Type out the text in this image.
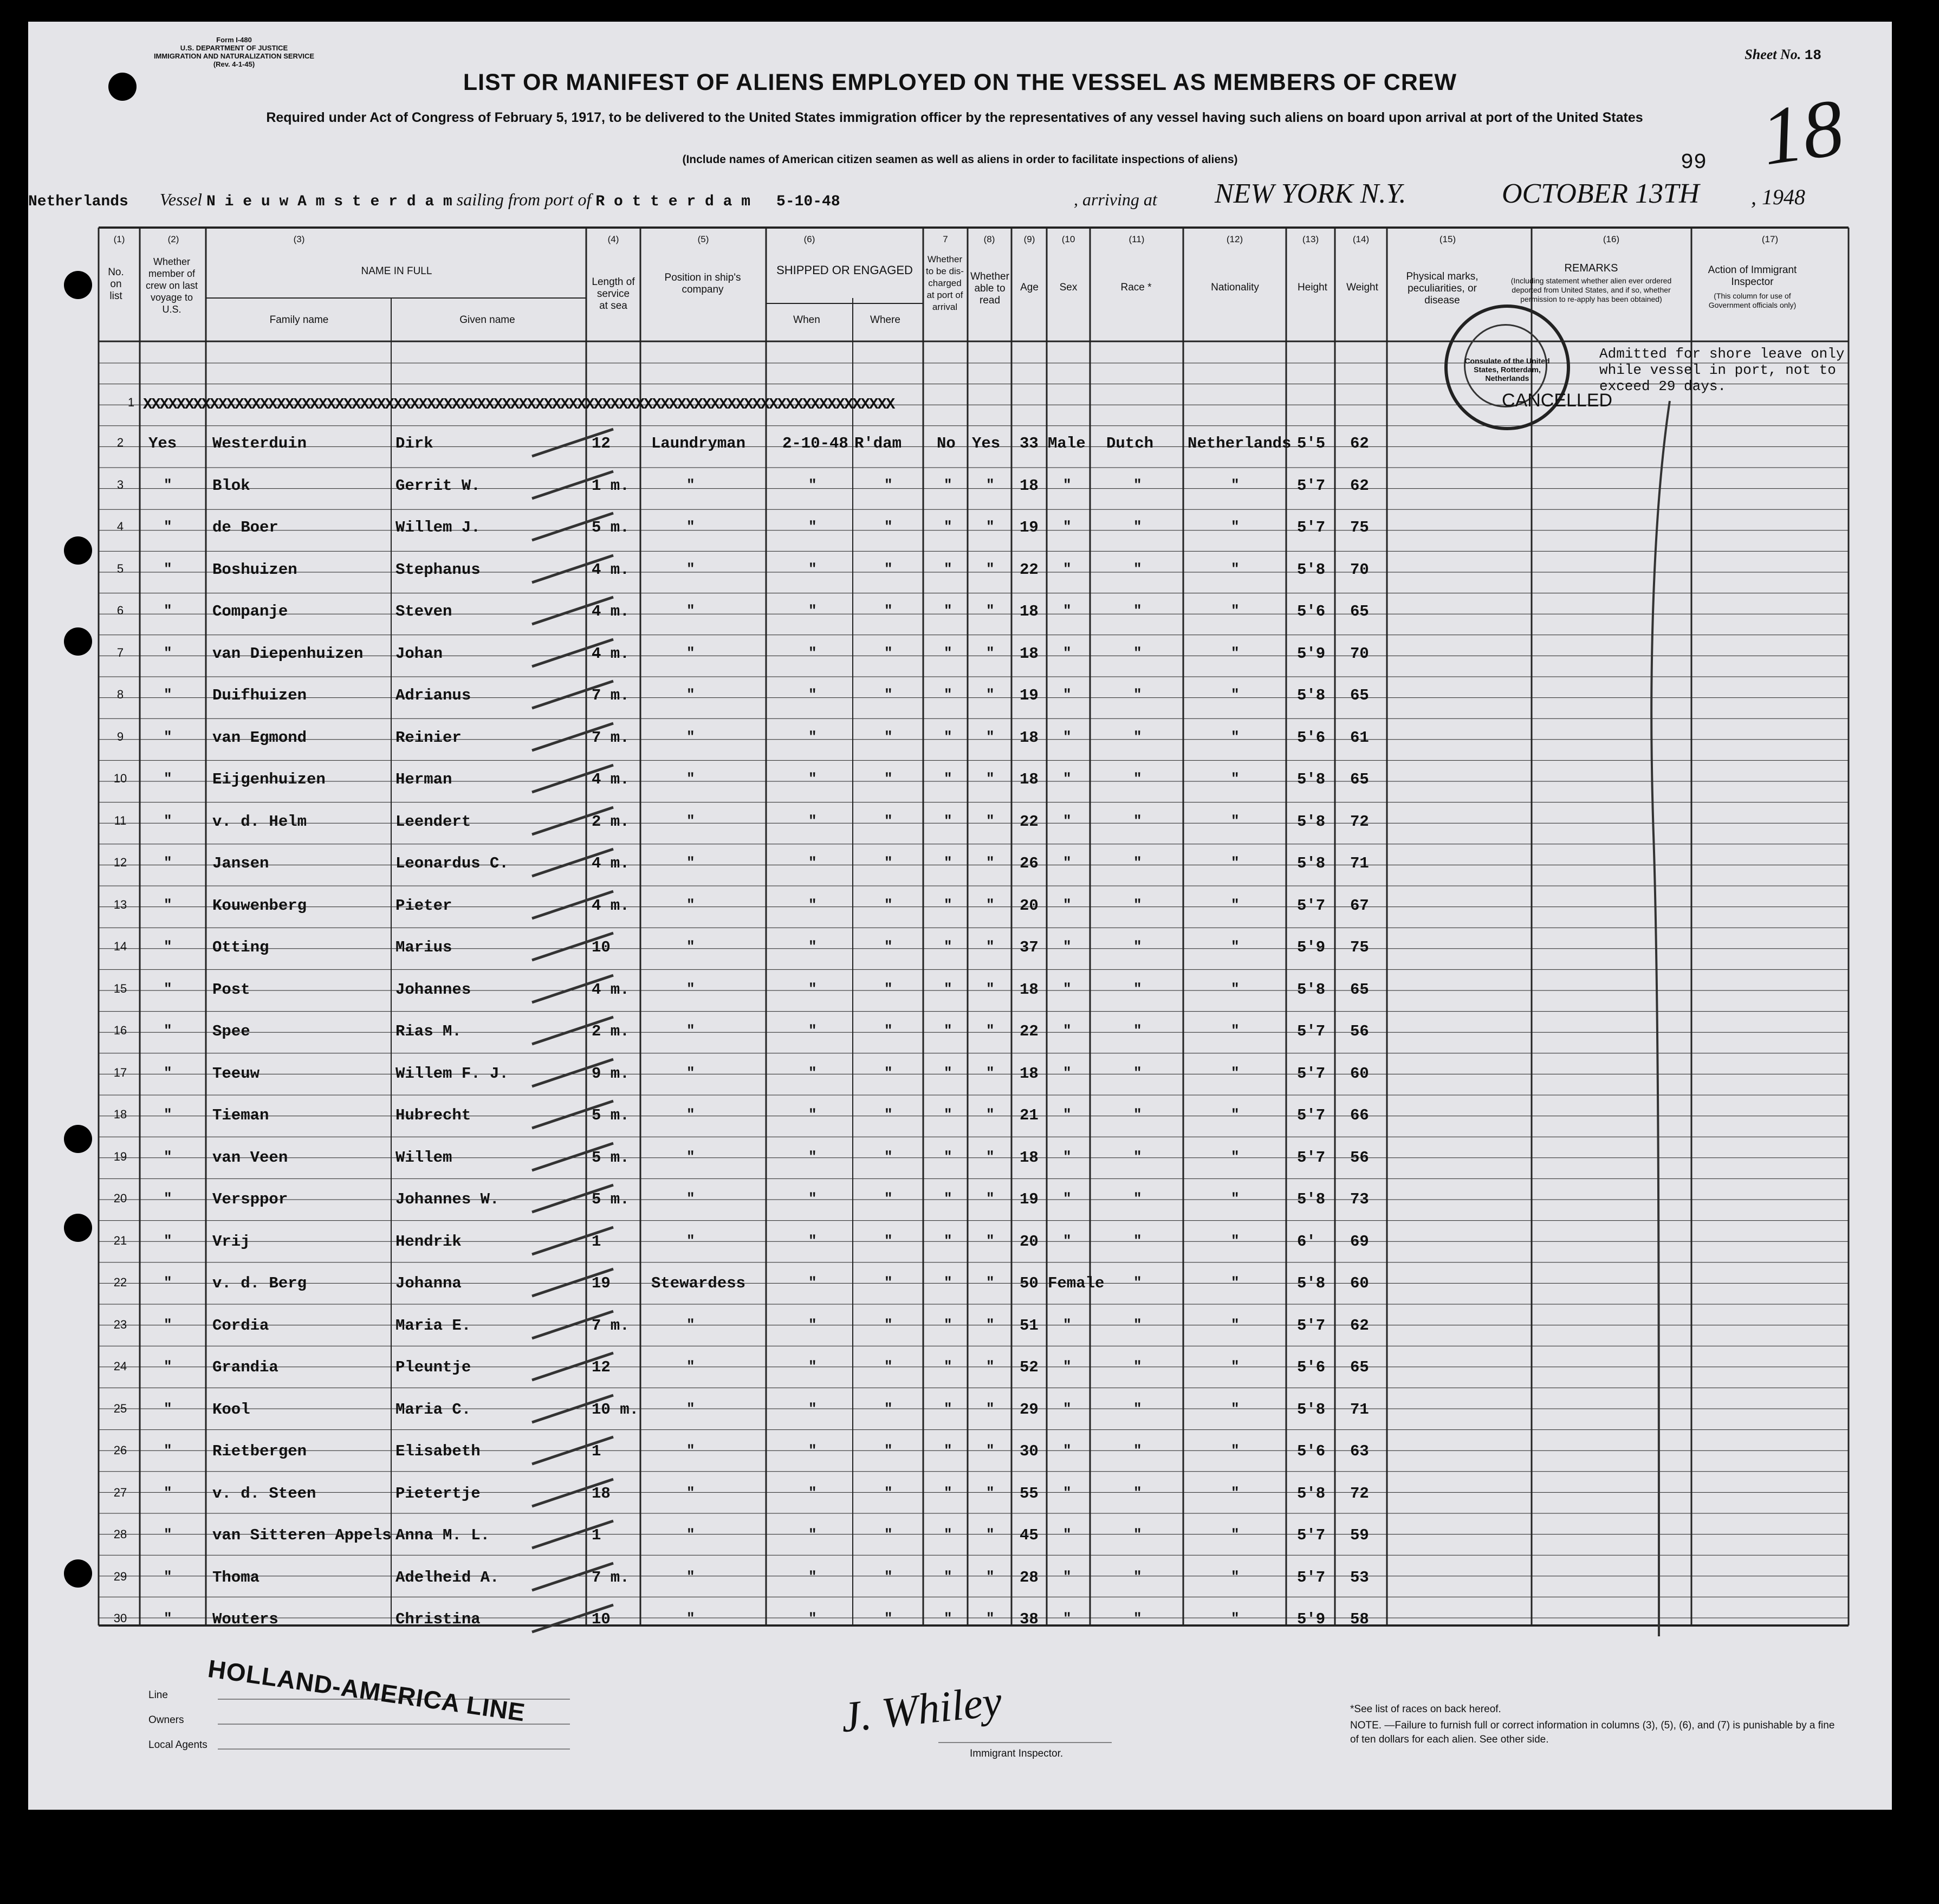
Form I-480
U.S. DEPARTMENT OF JUSTICE
IMMIGRATION AND NATURALIZATION SERVICE
(Rev. 4-1-45)
Sheet No. 18
18
LIST OR MANIFEST OF ALIENS EMPLOYED ON THE VESSEL AS MEMBERS OF CREW
Required under Act of Congress of February 5, 1917, to be delivered to the United States immigration officer by the representatives of any vessel having such aliens on board upon arrival at port of the United States
(Include names of American citizen seamen as well as aliens in order to facilitate inspections of aliens)	99
Netherlands Vessel N i e u w A m s t e r d a m sailing from port of R o t t e r d a m 5-10-48	, arriving at NEW YORK N.Y.	OCTOBER 13TH , 1948
No. on list
Whether member of crew on last voyage to U.S.
NAME IN FULL
Family name	Given name
Length of service at sea
Position in ship's company
SHIPPED OR ENGAGED
When	Where
Whether to be dis-charged at port of arrival
Whether able to read
Age	Sex	Race *	Nationality	Height	Weight
Physical marks, peculiarities, or disease
REMARKS
(Including statement whether alien ever ordered deported from United States, and if so, whether permission to re-apply has been obtained)
Action of Immigrant Inspector
(This column for use of Government officials only)
(1)	(2)	(3)	(4)	(5)	(6)	7	(8)	(9)	(10	(11)	(12)	(13)	(14)	(15)	(16)	(17)
1 XXXXXXXXXXXXXXXXXXXXXXXXXXXXXXXXXXXXXXXXXXXXXXXXXXXXXXXXXXXXXXXXXXXXXXXXXXXXXXXXXXXXXXXXXX
2	Yes Westerduin	Dirk	12	Laundryman 2-10-48 R'dam No Yes 33 Male Dutch Netherlands 5'5 62
3	"	Blok	Gerrit W.	1 m.	"	"	"	" " 18 "	"	"	5'7 62
4	"	de Boer	Willem J.	5 m.	"	"	"	" " 19 "	"	"	5'7 75
5	"	Boshuizen	Stephanus	4 m.	"	"	"	" " 22 "	"	"	5'8 70
6	"	Companje	Steven	4 m.	"	"	"	" " 18 "	"	"	5'6 65
7	"	van Diepenhuizen Johan	4 m.	"	"	"	" " 18 "	"	"	5'9 70
8	"	Duifhuizen	Adrianus	7 m.	"	"	"	" " 19 "	"	"	5'8 65
9	"	van Egmond	Reinier	7 m.	"	"	"	" " 18 "	"	"	5'6 61
10	"	Eijgenhuizen	Herman	4 m.	"	"	"	" " 18 "	"	"	5'8 65
11	"	v. d. Helm	Leendert	2 m.	"	"	"	" " 22 "	"	"	5'8 72
12	"	Jansen	Leonardus C.	4 m.	"	"	"	" " 26 "	"	"	5'8 71
13	"	Kouwenberg	Pieter	4 m.	"	"	"	" " 20 "	"	"	5'7 67
14	"	Otting	Marius	10	"	"	"	" " 37 "	"	"	5'9 75
15	"	Post	Johannes	4 m.	"	"	"	" " 18 "	"	"	5'8 65
16	"	Spee	Rias M.	2 m.	"	"	"	" " 22 "	"	"	5'7 56
17	"	Teeuw	Willem F. J.	9 m.	"	"	"	" " 18 "	"	"	5'7 60
18	"	Tieman	Hubrecht	5 m.	"	"	"	" " 21 "	"	"	5'7 66
19	"	van Veen	Willem	5 m.	"	"	"	" " 18 "	"	"	5'7 56
20	"	Versppor	Johannes W.	5 m.	"	"	"	" " 19 "	"	"	5'8 73
21	"	Vrij	Hendrik	1	"	"	"	" " 20 "	"	"	6' 69
22	"	v. d. Berg	Johanna	19	Stewardess	"	"	" " 50 Female "	"	5'8 60
23	"	Cordia	Maria E.	7 m.	"	"	"	" " 51 "	"	"	5'7 62
24	"	Grandia	Pleuntje	12	"	"	"	" " 52 "	"	"	5'6 65
25	"	Kool	Maria C.	10 m.	"	"	"	" " 29 "	"	"	5'8 71
26	"	Rietbergen	Elisabeth	1	"	"	"	" " 30 "	"	"	5'6 63
27	"	v. d. Steen	Pietertje	18	"	"	"	" " 55 "	"	"	5'8 72
28	"	van Sitteren Appels Anna M. L.	1	"	"	"	" " 45 "	"	"	5'7 59
29	"	Thoma	Adelheid A.	7 m.	"	"	"	" " 28 "	"	"	5'7 53
30	"	Wouters	Christina	10	"	"	"	" " 38 "	"	"	5'9 58
Consulate of the United States, Rotterdam, Netherlands
Admitted for shore leave only
while vessel in port, not to
exceed 29 days.
CANCELLED
Line
Owners
Local Agents
HOLLAND-AMERICA LINE	J. Whiley
Immigrant Inspector.
*See list of races on back hereof.
NOTE. —Failure to furnish full or correct information in columns (3), (5), (6), and (7) is punishable by a fine of ten dollars for each alien. See other side.
